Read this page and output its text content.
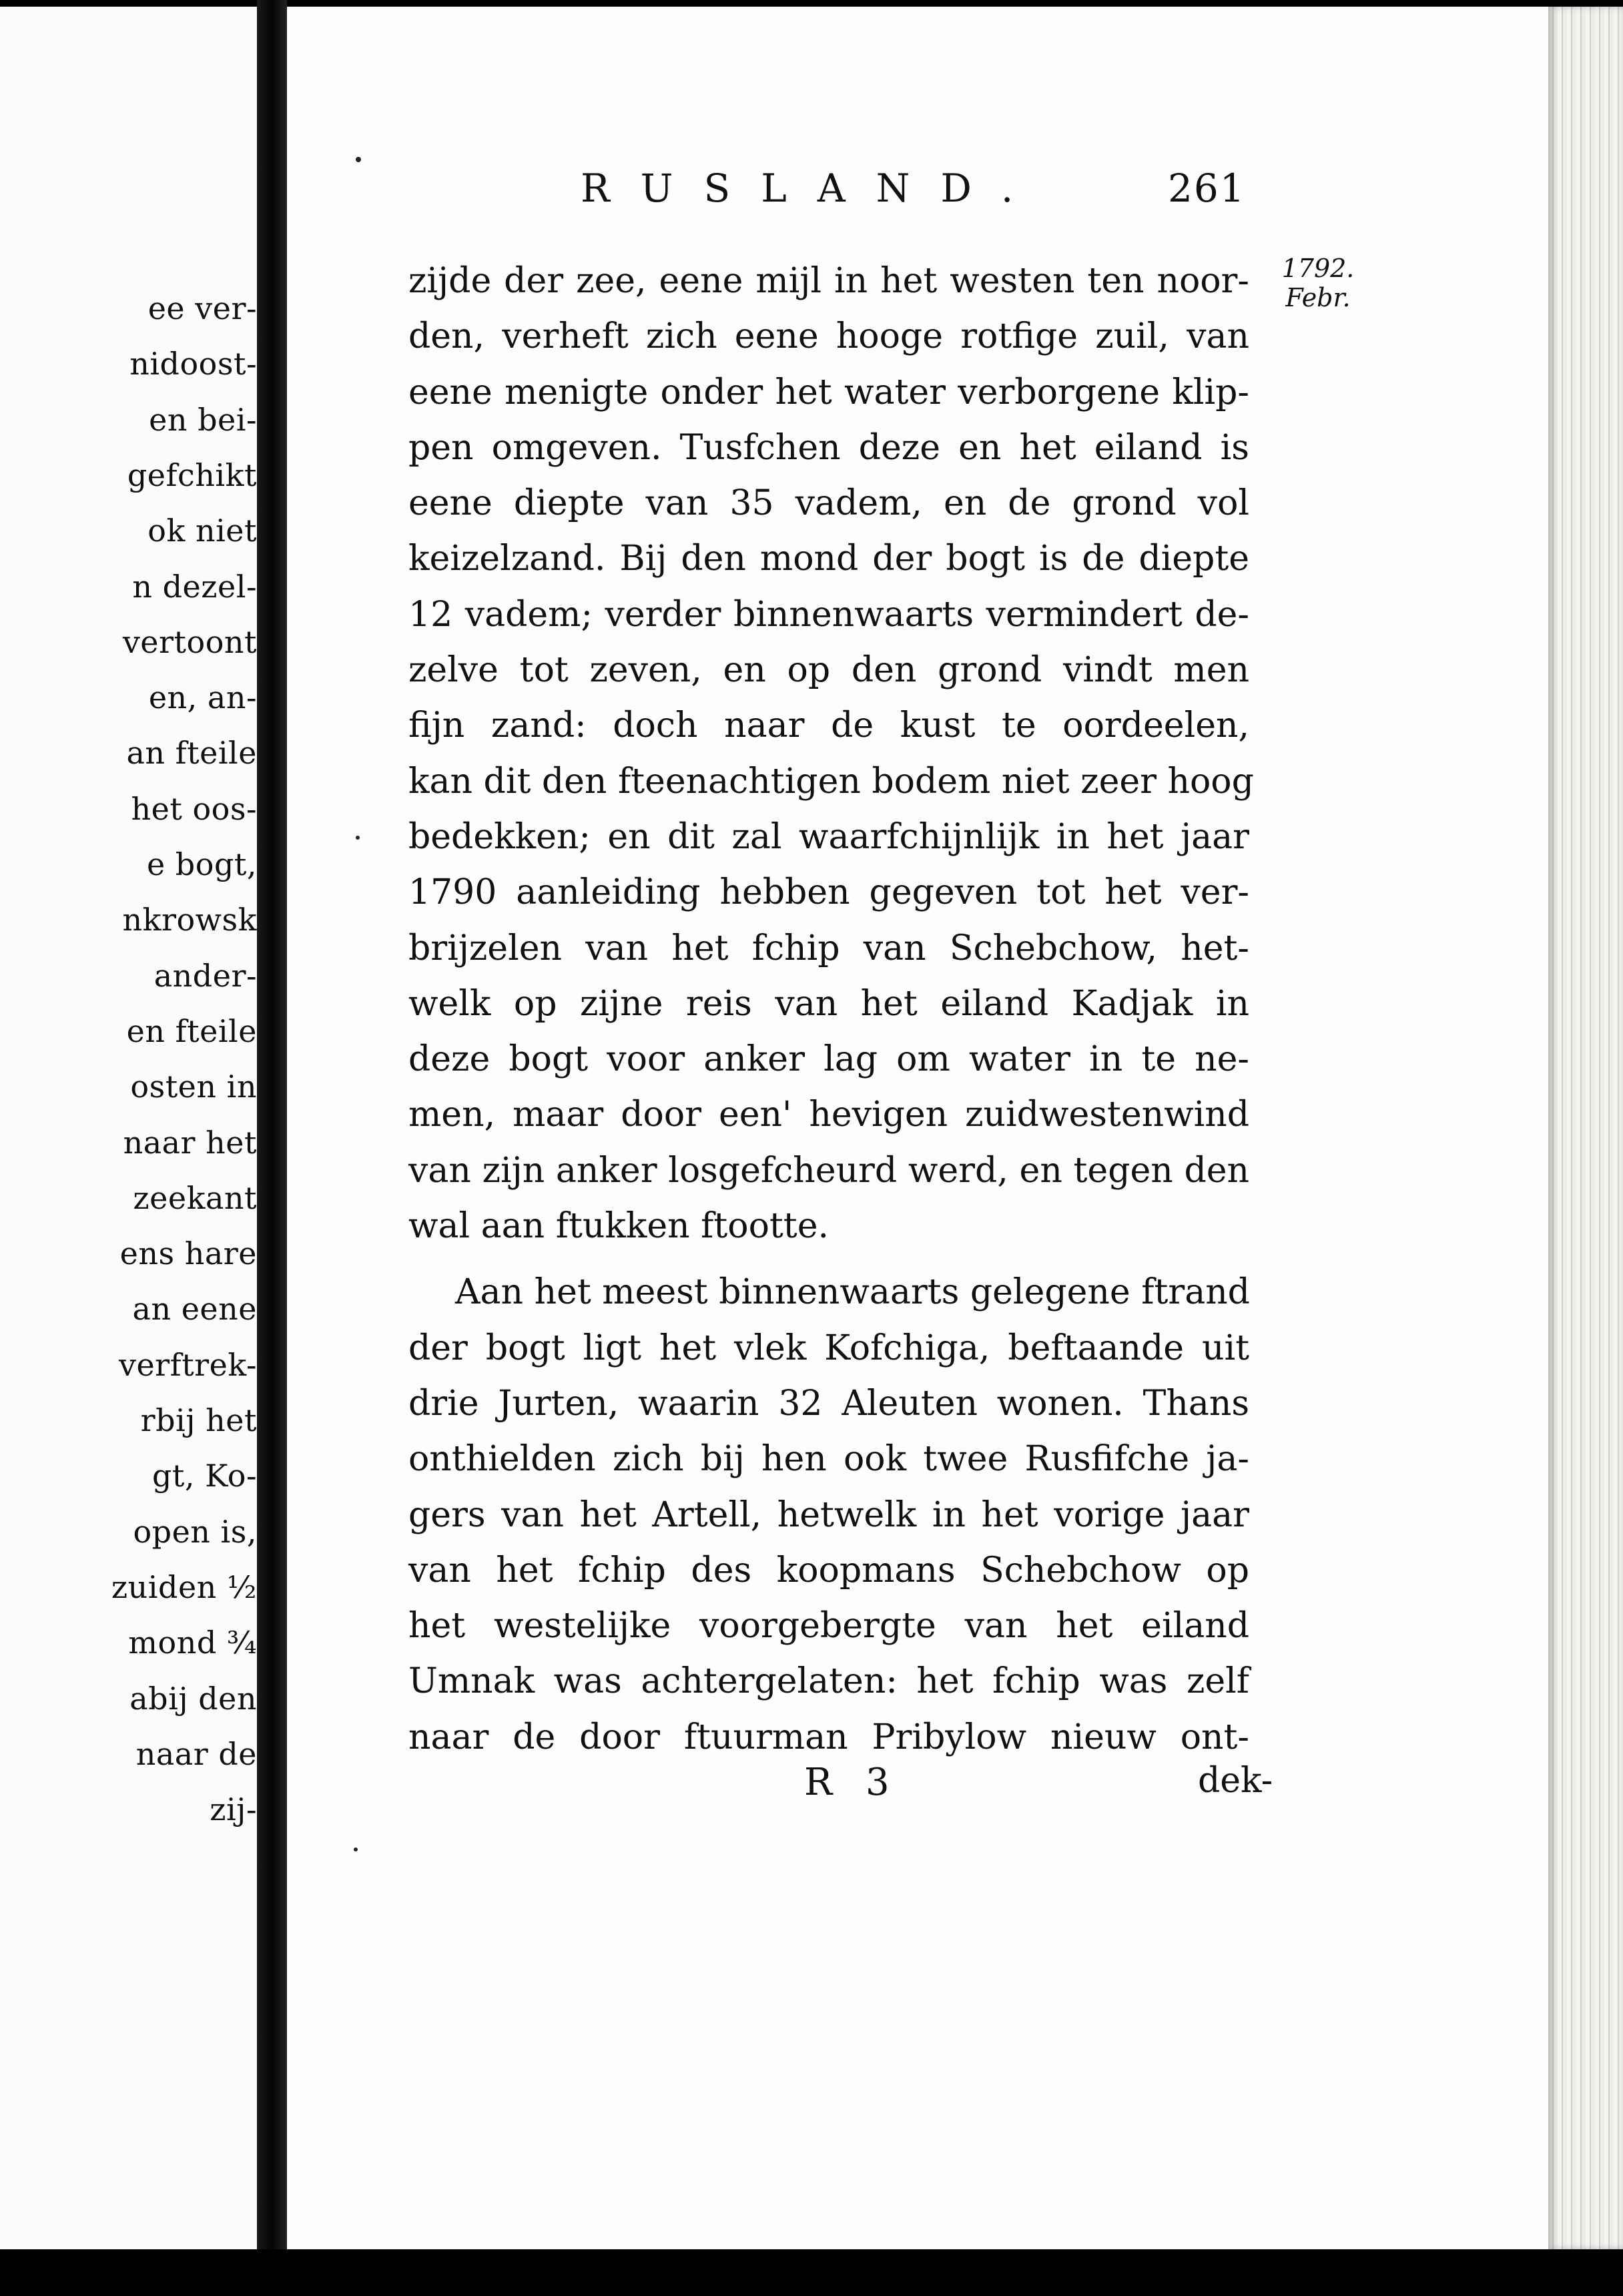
ee ver-
nidoost-
en bei-
gefchikt
ok niet
n dezel-
vertoont
en, an-
an fteile
het oos-
e bogt,
nkrowsk
ander-
en fteile
osten in
naar het
zeekant
ens hare
an eene
verftrek-
rbij het
gt, Ko-
open is,
zuiden ½
mond ¾
abij den
naar de
zij-
RUSLAND.	261
1792.
Febr.
zijde der zee, eene mijl in het westen ten noor-
den, verheft zich eene hooge rotfige zuil, van
eene menigte onder het water verborgene klip-
pen omgeven. Tusfchen deze en het eiland is
eene diepte van 35 vadem, en de grond vol
keizelzand. Bij den mond der bogt is de diepte
12 vadem; verder binnenwaarts vermindert de-
zelve tot zeven, en op den grond vindt men
fijn zand: doch naar de kust te oordeelen,
kan dit den fteenachtigen bodem niet zeer hoog
bedekken; en dit zal waarfchijnlijk in het jaar
1790 aanleiding hebben gegeven tot het ver-
brijzelen van het fchip van Schebchow, het-
welk op zijne reis van het eiland Kadjak in
deze bogt voor anker lag om water in te ne-
men, maar door een' hevigen zuidwestenwind
van zijn anker losgefcheurd werd, en tegen den
wal aan ftukken ftootte.
Aan het meest binnenwaarts gelegene ftrand
der bogt ligt het vlek Kofchiga, beftaande uit
drie Jurten, waarin 32 Aleuten wonen. Thans
onthielden zich bij hen ook twee Rusfifche ja-
gers van het Artell, hetwelk in het vorige jaar
van het fchip des koopmans Schebchow op
het westelijke voorgebergte van het eiland
Umnak was achtergelaten: het fchip was zelf
naar de door ftuurman Pribylow nieuw ont-
R 3	dek-
